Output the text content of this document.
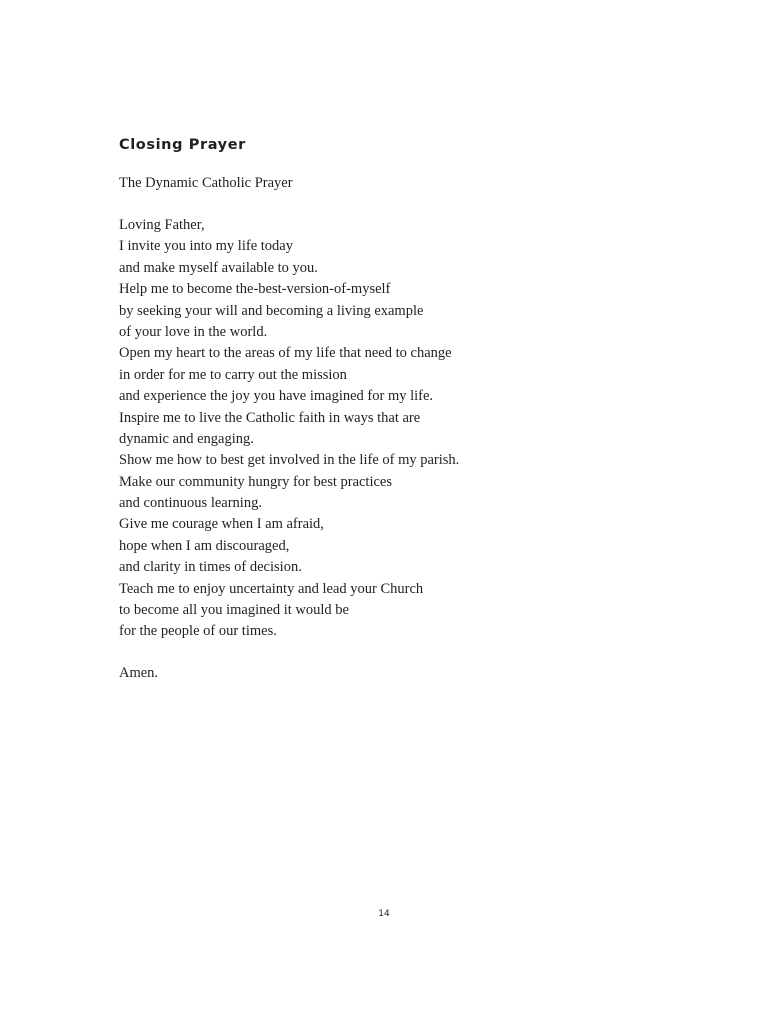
Closing Prayer

The Dynamic Catholic Prayer

Loving Father,
I invite you into my life today
and make myself available to you.
Help me to become the-best-version-of-myself
by seeking your will and becoming a living example
of your love in the world.
Open my heart to the areas of my life that need to change
in order for me to carry out the mission
and experience the joy you have imagined for my life.
Inspire me to live the Catholic faith in ways that are
dynamic and engaging.
Show me how to best get involved in the life of my parish.
Make our community hungry for best practices
and continuous learning.
Give me courage when I am afraid,
hope when I am discouraged,
and clarity in times of decision.
Teach me to enjoy uncertainty and lead your Church
to become all you imagined it would be
for the people of our times.

Amen.

14
